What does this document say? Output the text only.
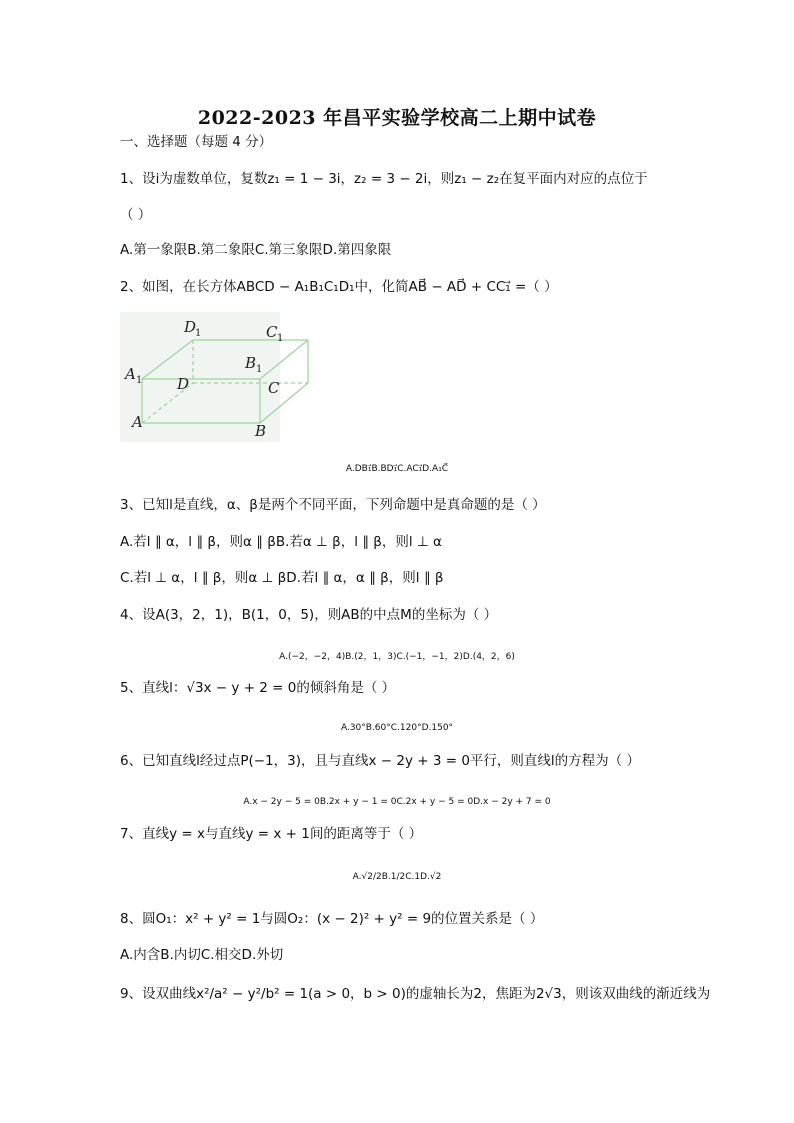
2022-2023 年昌平实验学校高二上期中试卷
一、选择题（每题 4 分）
1、设i为虚数单位，复数z₁ = 1 − 3i，z₂ = 3 − 2i，则z₁ − z₂在复平面内对应的点位于
（ ）
A.第一象限B.第二象限C.第三象限D.第四象限
2、如图，在长方体ABCD − A₁B₁C₁D₁中，化简AB⃗ − AD⃗ + CC₁⃗ =（ ）
D
1	C 1
B 1
A 1 D	C
A	B
A.DB₁⃗B.BD₁⃗C.AC₁⃗D.A₁C⃗
3、已知l是直线，α、β是两个不同平面，下列命题中是真命题的是（ ）
A.若l ∥ α，l ∥ β，则α ∥ βB.若α ⊥ β，l ∥ β，则l ⊥ α
C.若l ⊥ α，l ∥ β，则α ⊥ βD.若l ∥ α，α ∥ β，则l ∥ β
4、设A(3，2，1)，B(1，0，5)，则AB的中点M的坐标为（ ）
A.(−2，−2，4)B.(2，1，3)C.(−1，−1，2)D.(4，2，6)
5、直线l：√3x − y + 2 = 0的倾斜角是（ ）
A.30°B.60°C.120°D.150°
6、已知直线l经过点P(−1，3)，且与直线x − 2y + 3 = 0平行，则直线l的方程为（ ）
A.x − 2y − 5 = 0B.2x + y − 1 = 0C.2x + y − 5 = 0D.x − 2y + 7 = 0
7、直线y = x与直线y = x + 1间的距离等于（ ）
A.√2/2B.1/2C.1D.√2
8、圆O₁：x² + y² = 1与圆O₂：(x − 2)² + y² = 9的位置关系是（ ）
A.内含B.内切C.相交D.外切
9、设双曲线x²/a² − y²/b² = 1(a > 0，b > 0)的虚轴长为2，焦距为2√3，则该双曲线的渐近线为
